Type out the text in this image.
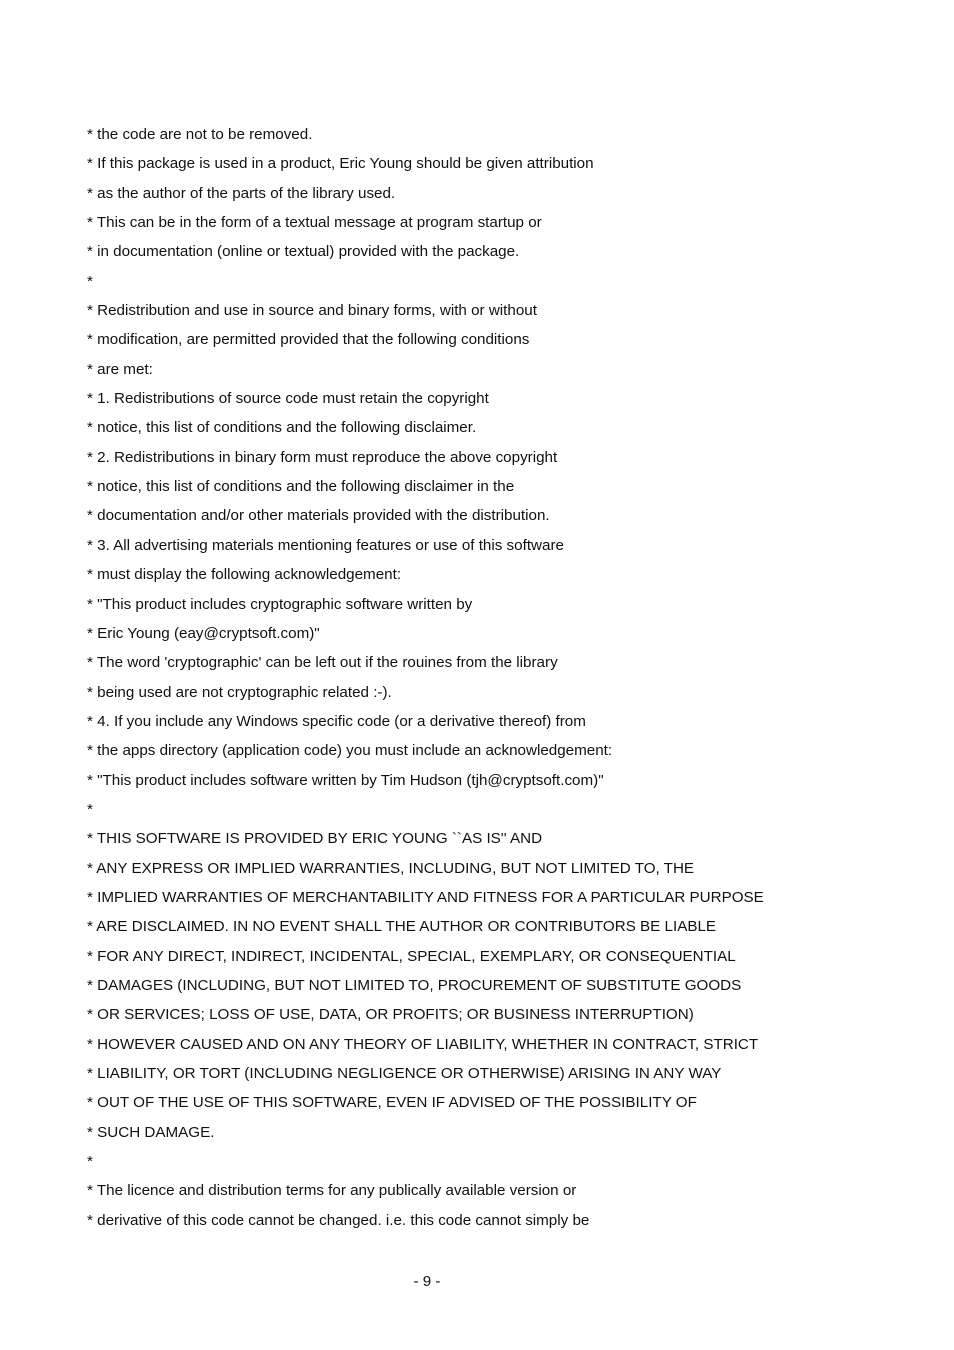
* the code are not to be removed.
* If this package is used in a product, Eric Young should be given attribution
* as the author of the parts of the library used.
* This can be in the form of a textual message at program startup or
* in documentation (online or textual) provided with the package.
*
* Redistribution and use in source and binary forms, with or without
* modification, are permitted provided that the following conditions
* are met:
* 1. Redistributions of source code must retain the copyright
* notice, this list of conditions and the following disclaimer.
* 2. Redistributions in binary form must reproduce the above copyright
* notice, this list of conditions and the following disclaimer in the
* documentation and/or other materials provided with the distribution.
* 3. All advertising materials mentioning features or use of this software
* must display the following acknowledgement:
* "This product includes cryptographic software written by
* Eric Young (eay@cryptsoft.com)"
* The word 'cryptographic' can be left out if the rouines from the library
* being used are not cryptographic related :-).
* 4. If you include any Windows specific code (or a derivative thereof) from
* the apps directory (application code) you must include an acknowledgement:
* "This product includes software written by Tim Hudson (tjh@cryptsoft.com)"
*
* THIS SOFTWARE IS PROVIDED BY ERIC YOUNG ``AS IS'' AND
* ANY EXPRESS OR IMPLIED WARRANTIES, INCLUDING, BUT NOT LIMITED TO, THE
* IMPLIED WARRANTIES OF MERCHANTABILITY AND FITNESS FOR A PARTICULAR PURPOSE
* ARE DISCLAIMED. IN NO EVENT SHALL THE AUTHOR OR CONTRIBUTORS BE LIABLE
* FOR ANY DIRECT, INDIRECT, INCIDENTAL, SPECIAL, EXEMPLARY, OR CONSEQUENTIAL
* DAMAGES (INCLUDING, BUT NOT LIMITED TO, PROCUREMENT OF SUBSTITUTE GOODS
* OR SERVICES; LOSS OF USE, DATA, OR PROFITS; OR BUSINESS INTERRUPTION)
* HOWEVER CAUSED AND ON ANY THEORY OF LIABILITY, WHETHER IN CONTRACT, STRICT
* LIABILITY, OR TORT (INCLUDING NEGLIGENCE OR OTHERWISE) ARISING IN ANY WAY
* OUT OF THE USE OF THIS SOFTWARE, EVEN IF ADVISED OF THE POSSIBILITY OF
* SUCH DAMAGE.
*
* The licence and distribution terms for any publically available version or
* derivative of this code cannot be changed. i.e. this code cannot simply be
- 9 -
